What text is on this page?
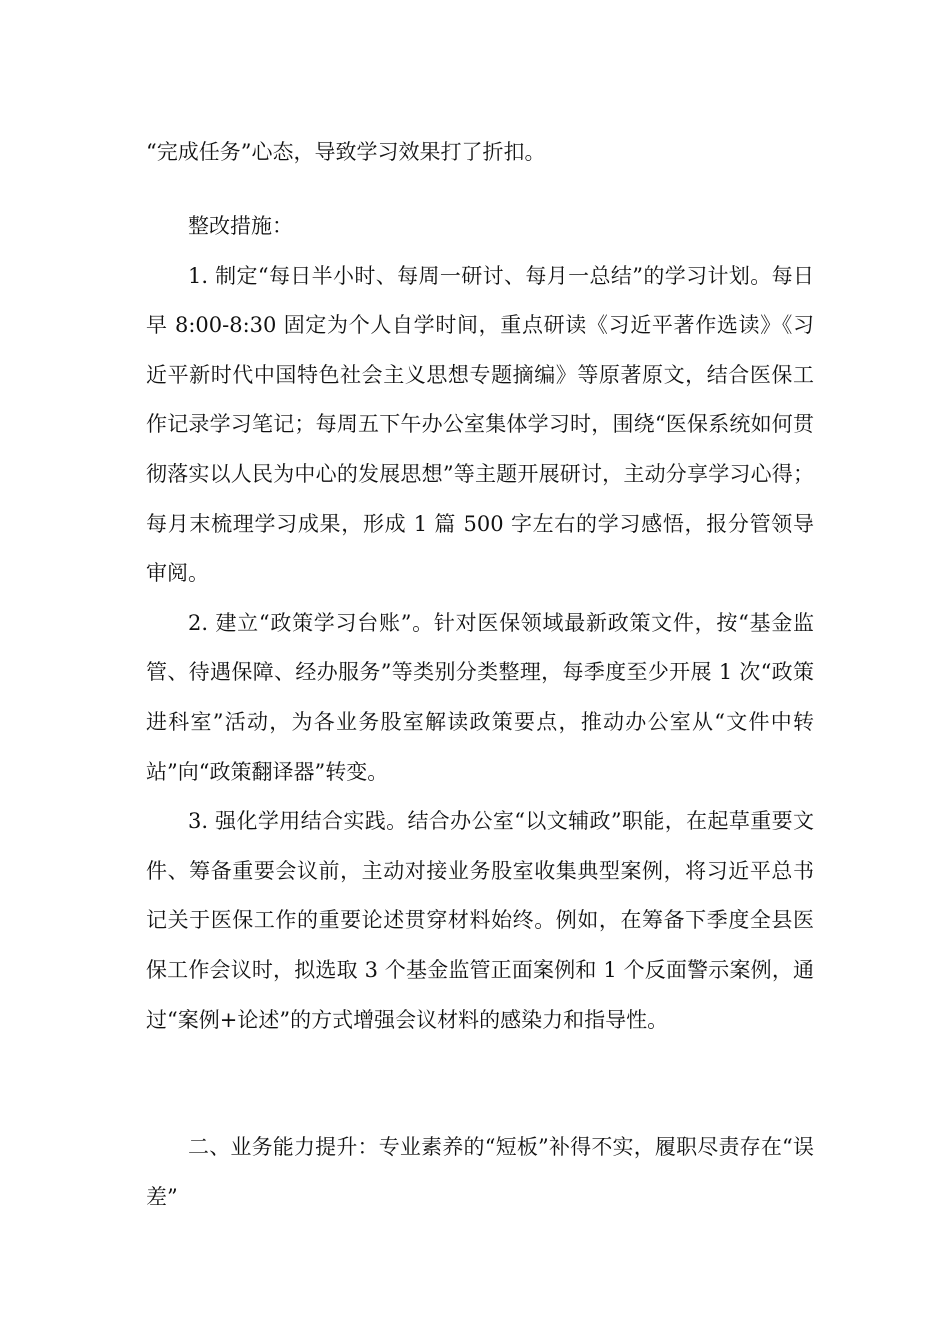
“完成任务”心态，导致学习效果打了折扣。

整改措施：

1. 制定“每日半小时、每周一研讨、每月一总结”的学习计划。每日早 8:00-8:30 固定为个人自学时间，重点研读《习近平著作选读》《习近平新时代中国特色社会主义思想专题摘编》等原著原文，结合医保工作记录学习笔记；每周五下午办公室集体学习时，围绕“医保系统如何贯彻落实以人民为中心的发展思想”等主题开展研讨，主动分享学习心得；每月末梳理学习成果，形成 1 篇 500 字左右的学习感悟，报分管领导审阅。

2. 建立“政策学习台账”。针对医保领域最新政策文件，按“基金监管、待遇保障、经办服务”等类别分类整理，每季度至少开展 1 次“政策进科室”活动，为各业务股室解读政策要点，推动办公室从“文件中转站”向“政策翻译器”转变。

3. 强化学用结合实践。结合办公室“以文辅政”职能，在起草重要文件、筹备重要会议前，主动对接业务股室收集典型案例，将习近平总书记关于医保工作的重要论述贯穿材料始终。例如，在筹备下季度全县医保工作会议时，拟选取 3 个基金监管正面案例和 1 个反面警示案例，通过“案例+论述”的方式增强会议材料的感染力和指导性。

二、业务能力提升：专业素养的“短板”补得不实，履职尽责存在“误差”
